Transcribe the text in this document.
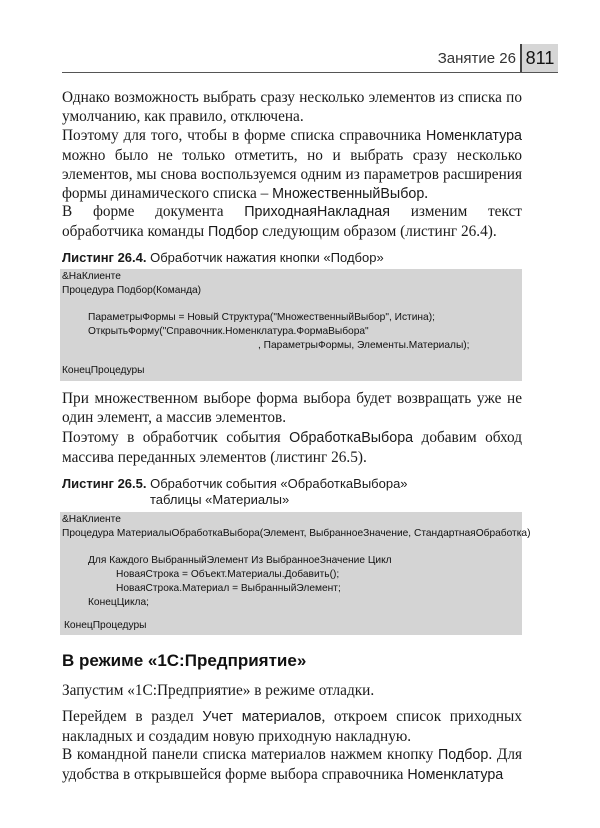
Занятие 26 811

Однако возможность выбрать сразу несколько элементов из списка по умолчанию, как правило, отключена.

Поэтому для того, чтобы в форме списка справочника Номенклатура можно было не только отметить, но и выбрать сразу несколько элементов, мы снова воспользуемся одним из параметров расширения формы динамического списка – МножественныйВыбор.

В форме документа ПриходнаяНакладная изменим текст обработчика команды Подбор следующим образом (листинг 26.4).

Листинг 26.4. Обработчик нажатия кнопки «Подбор»
&НаКлиенте
Процедура Подбор(Команда)
ПараметрыФормы = Новый Структура("МножественныйВыбор", Истина);
ОткрытьФорму("Справочник.Номенклатура.ФормаВыбора"
, ПараметрыФормы, Элементы.Материалы);
КонецПроцедуры

При множественном выборе форма выбора будет возвращать уже не один элемент, а массив элементов.

Поэтому в обработчик события ОбработкаВыбора добавим обход массива переданных элементов (листинг 26.5).

Листинг 26.5. Обработчик события «ОбработкаВыбора»
таблицы «Материалы»
&НаКлиенте
Процедура МатериалыОбработкаВыбора(Элемент, ВыбранноеЗначение, СтандартнаяОбработка)
Для Каждого ВыбранныйЭлемент Из ВыбранноеЗначение Цикл
НоваяСтрока = Объект.Материалы.Добавить();
НоваяСтрока.Материал = ВыбранныйЭлемент;
КонецЦикла;
КонецПроцедуры
В режиме «1С:Предприятие»

Запустим «1С:Предприятие» в режиме отладки.

Перейдем в раздел Учет материалов, откроем список приходных накладных и создадим новую приходную накладную.

В командной панели списка материалов нажмем кнопку Подбор. Для удобства в открывшейся форме выбора справочника Номенклатура
